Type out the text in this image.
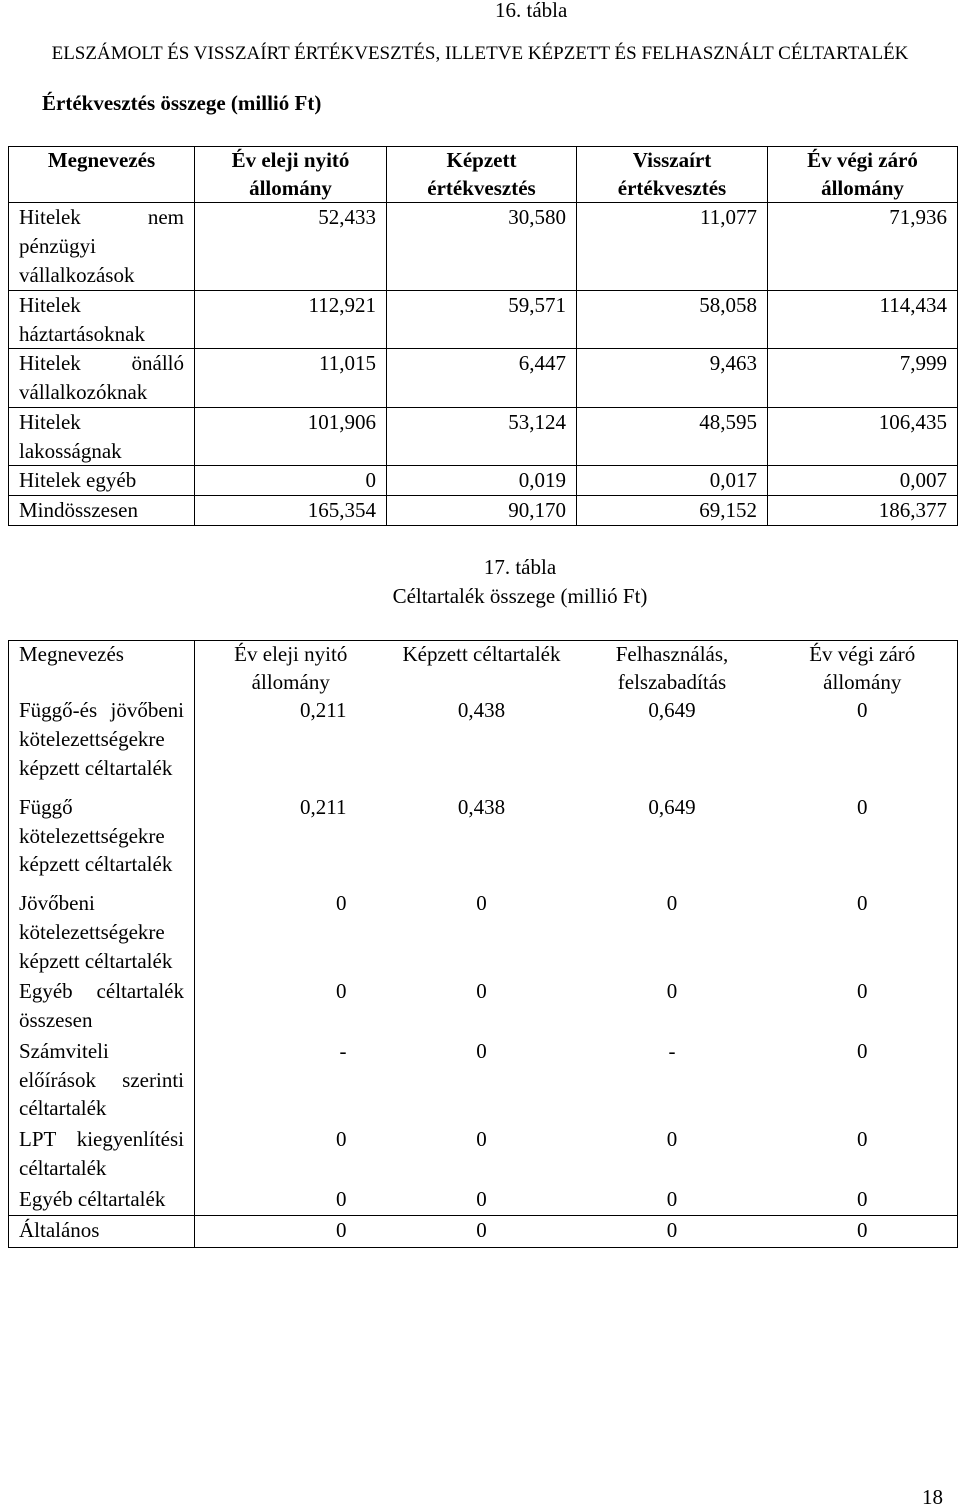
16. tábla
ELSZÁMOLT ÉS VISSZAÍRT ÉRTÉKVESZTÉS, ILLETVE KÉPZETT ÉS FELHASZNÁLT CÉLTARTALÉK
Értékvesztés összege (millió Ft)
Megnevezés	Év eleji nyitó állomány	Képzett értékvesztés	Visszaírt értékvesztés	Év végi záró állomány
Hitelek nem pénzügyi vállalkozások	52,433	30,580	11,077	71,936
Hitelek háztartásoknak	112,921	59,571	58,058	114,434
Hitelek önálló vállalkozóknak	11,015	6,447	9,463	7,999
Hitelek lakosságnak	101,906	53,124	48,595	106,435
Hitelek egyéb	0	0,019	0,017	0,007
Mindösszesen	165,354	90,170	69,152	186,377
17. tábla
Céltartalék összege (millió Ft)
Megnevezés	Év eleji nyitó állomány	Képzett céltartalék	Felhasználás, felszabadítás	Év végi záró állomány
Függő-és jövőbeni kötelezettségekre képzett céltartalék	0,211	0,438	0,649	0
Függő kötelezettségekre képzett céltartalék	0,211	0,438	0,649	0
Jövőbeni kötelezettségekre képzett céltartalék	0	0	0	0
Egyéb céltartalék összesen	0	0	0	0
Számviteli előírások szerinti céltartalék	-	0	-	0
LPT kiegyenlítési céltartalék	0	0	0	0
Egyéb céltartalék	0	0	0	0
Általános	0	0	0	0
18
